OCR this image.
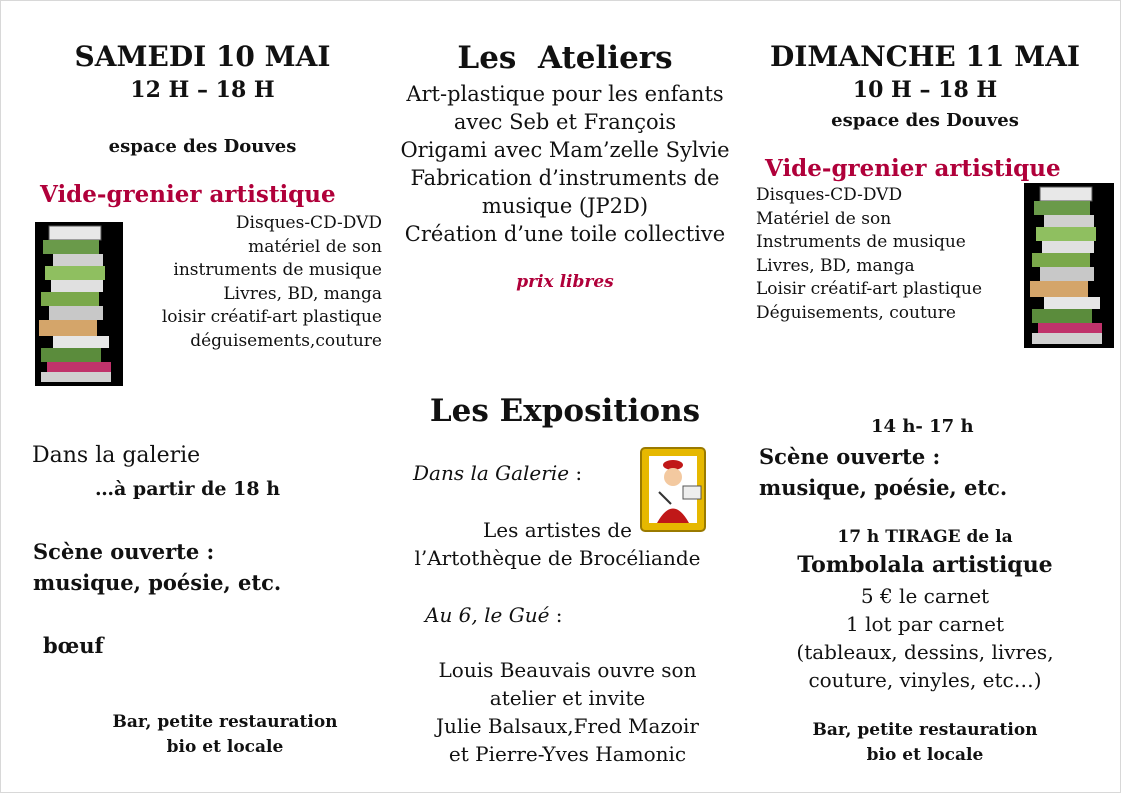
SAMEDI 10 MAI
12 H – 18 H
espace des Douves
Vide-grenier artistique
Disques-CD-DVD
matériel de son
instruments de musique
Livres, BD, manga
loisir créatif-art plastique
déguisements,couture
Dans la galerie
…à partir de 18 h
Scène ouverte :
musique, poésie, etc.
bœuf
Bar, petite restauration
bio et locale
Les  Ateliers
Art-plastique pour les enfants
avec Seb et François
Origami avec Mam’zelle Sylvie
Fabrication d’instruments de
musique (JP2D)
Création d’une toile collective
prix libres
Les Expositions
Dans la Galerie :
Les artistes de
l’Artothèque de Brocéliande
Au 6, le Gué :
Louis Beauvais ouvre son
atelier et invite
Julie Balsaux,Fred Mazoir
et Pierre-Yves Hamonic
DIMANCHE 11 MAI
10 H – 18 H
espace des Douves
Vide-grenier artistique
Disques-CD-DVD
Matériel de son
Instruments de musique
Livres, BD, manga
Loisir créatif-art plastique
Déguisements, couture
14 h- 17 h
Scène ouverte :
musique, poésie, etc.
17 h TIRAGE de la
Tombolala artistique
5 € le carnet
1 lot par carnet
(tableaux, dessins, livres,
couture, vinyles, etc…)
Bar, petite restauration
bio et locale
